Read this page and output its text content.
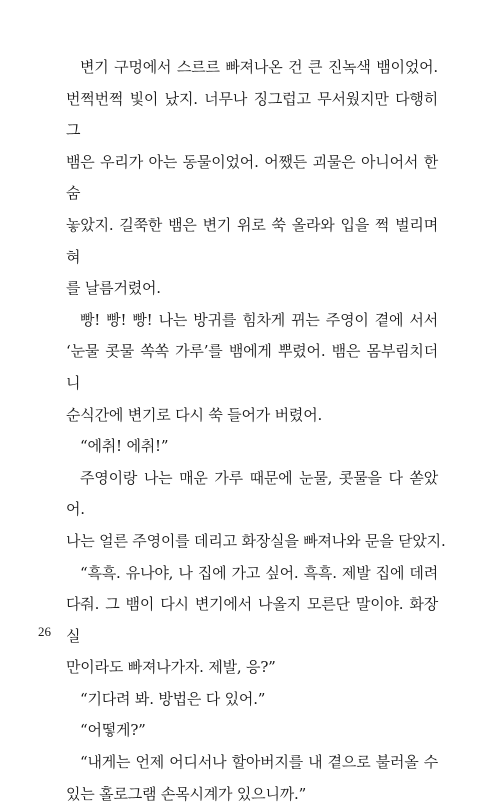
변기 구멍에서 스르르 빠져나온 건 큰 진녹색 뱀이었어.
번쩍번쩍 빛이 났지. 너무나 징그럽고 무서웠지만 다행히 그
뱀은 우리가 아는 동물이었어. 어쨌든 괴물은 아니어서 한숨
놓았지. 길쭉한 뱀은 변기 위로 쑥 올라와 입을 쩍 벌리며 혀
를 날름거렸어.

빵! 빵! 빵! 나는 방귀를 힘차게 뀌는 주영이 곁에 서서
‘눈물 콧물 쏙쏙 가루’를 뱀에게 뿌렸어. 뱀은 몸부림치더니
순식간에 변기로 다시 쑥 들어가 버렸어.

“에취! 에취!”

주영이랑 나는 매운 가루 때문에 눈물, 콧물을 다 쏟았어.
나는 얼른 주영이를 데리고 화장실을 빠져나와 문을 닫았지.

“흑흑. 유나야, 나 집에 가고 싶어. 흑흑. 제발 집에 데려
다줘. 그 뱀이 다시 변기에서 나올지 모른단 말이야. 화장실
만이라도 빠져나가자. 제발, 응?”

“기다려 봐. 방법은 다 있어.”

“어떻게?”

“내게는 언제 어디서나 할아버지를 내 곁으로 불러올 수
있는 홀로그램 손목시계가 있으니까.”

26
